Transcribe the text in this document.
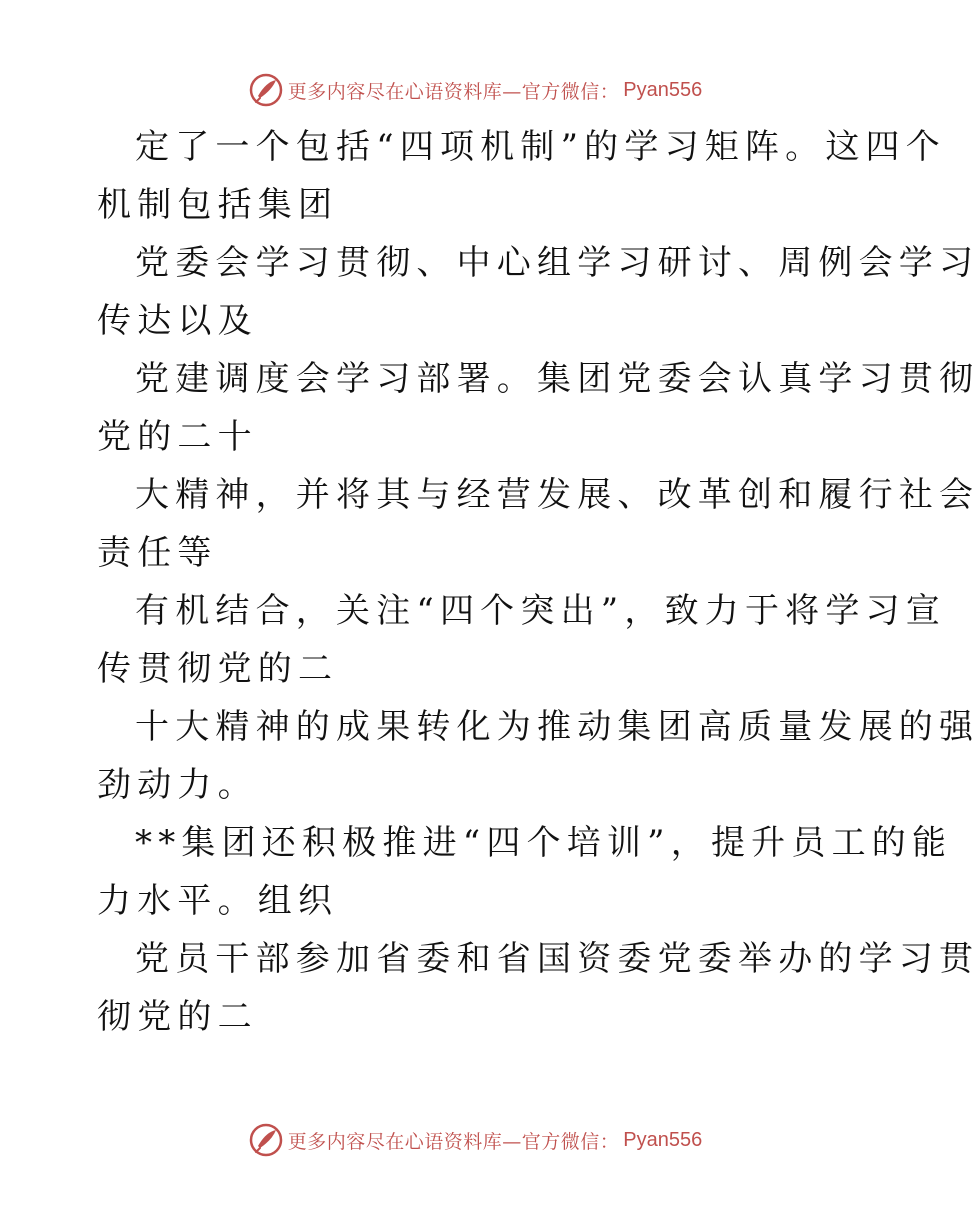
更多内容尽在心语资料库—官方微信： Pyan556
定了一个包括“四项机制”的学习矩阵。这四个
机制包括集团
党委会学习贯彻、中心组学习研讨、周例会学习
传达以及
党建调度会学习部署。集团党委会认真学习贯彻
党的二十
大精神，并将其与经营发展、改革创和履行社会
责任等
有机结合，关注“四个突出”，致力于将学习宣
传贯彻党的二
十大精神的成果转化为推动集团高质量发展的强
劲动力。
**集团还积极推进“四个培训”，提升员工的能
力水平。组织
党员干部参加省委和省国资委党委举办的学习贯
彻党的二
更多内容尽在心语资料库—官方微信： Pyan556
